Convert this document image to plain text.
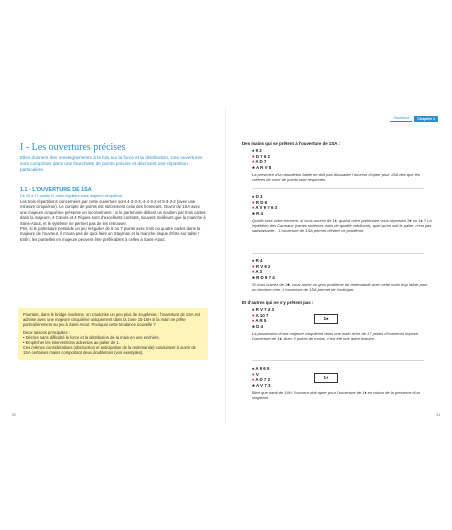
I - Les ouvertures précises

Elles donnent des renseignements à la fois sur la force et la distribution. Ces ouvertures sont comprises dans une fourchette de points précise et décrivent une répartition particulière.

1.1 - L'OUVERTURE DE 1SA

De 15 à 17 points H, main régulière sans majeure cinquième.

Les trois répartitions concernées par cette ouverture sont 4-3-3-3, 4-4-3-2 et 5-3-3-2 (avec une mineure cinquième). Le compte de points est strictement celui des honneurs. Ouvrir de 1SA avec une majeure cinquième présente un inconvénient : si le partenaire détient un soutien par trois cartes dans la majeure, 4 Cœurs et 4 Piques sont d'excellents contrats, souvent meilleurs que la manche à Sans-Atout, et le système ne permet pas de les retrouver.

Pris, si le partenaire possède un jeu irrégulier de 6 ou 7 points avec trois ou quatre cartes dans la majeure de l'ouvreur, il n'aura pas de quoi faire un Stayman et la manche risque d'être sur table !

Enfin, les partielles en majeure peuvent être préférables à celles à Sans-Atout.

Pourtant, dans le bridge moderne, on s'autorise un peu plus de souplesse : l'ouverture de 1SA est admise avec une majeure cinquième uniquement dans la zone 15-16H si la main ne prête particulièrement au jeu à Sans-Atout. Pourquoi cette tendance nouvelle ?

Deux raisons principales :

• Décrire sans difficulté la force et la distribution de la main en une enchère.

• Empêcher les interventions adverses au palier de 1.

Ces mêmes considérations (obstruction et anticipation de la redemande) conduisent à ouvrir de 1SA certaines mains comportant deux doubletons (voir exemples).

20
Ouverture	Chapitre 1

Des mains qui se prêtent à l'ouverture de 1SA :

♠ 9 2
♥ D 7 6 2
♦ A D 7
♣ A R V 8

La présence d'un doubleton faible ne doit pas dissuader l'ouvreur d'opter pour 1SA dès que les critères de zone de points sont respectés.

♠ D 3
♥ R D 6
♦ A V 9 7 6 3
♣ R 4

Quelle sera votre enchère, si vous ouvrez de 1♦, quand votre partenaire vous répondra 1♥ ou 1♠ ? La répétition des Carreaux (cartes sixièmes mais de qualité médiocre), quel qu'en soit le palier, n'est pas satisfaisante... L'ouverture de 1SA permet d'éviter ce problème.

♠ R 4
♥ R V 6 2
♦ A 3
♣ R D 9 7 4

Si vous ouvrez de 1♣, vous aurez un gros problème de redemande avec cette main trop faible pour un bicolore cher. L'ouverture de 1SA permet de l'anticiper.

Et d'autres qui ne s'y prêtent pas :

♠ R V 7 4 3
♥ A 10 7
♦ A R 5
♣ D 4
1♠

La possession d'une majeure cinquième dans une main riche de 17 points d'honneurs impose l'ouverture de 1♠. Avec 2 points de moins, c'est été une autre histoire.

♠ A 9 6 5
♥ V
♦ A D 7 2
♣ A V 7 3
1♦

Bien que nanti de 16H, l'ouvreur doit opter pour l'ouverture de 1♦ en raison de la présence d'un singleton.

21
